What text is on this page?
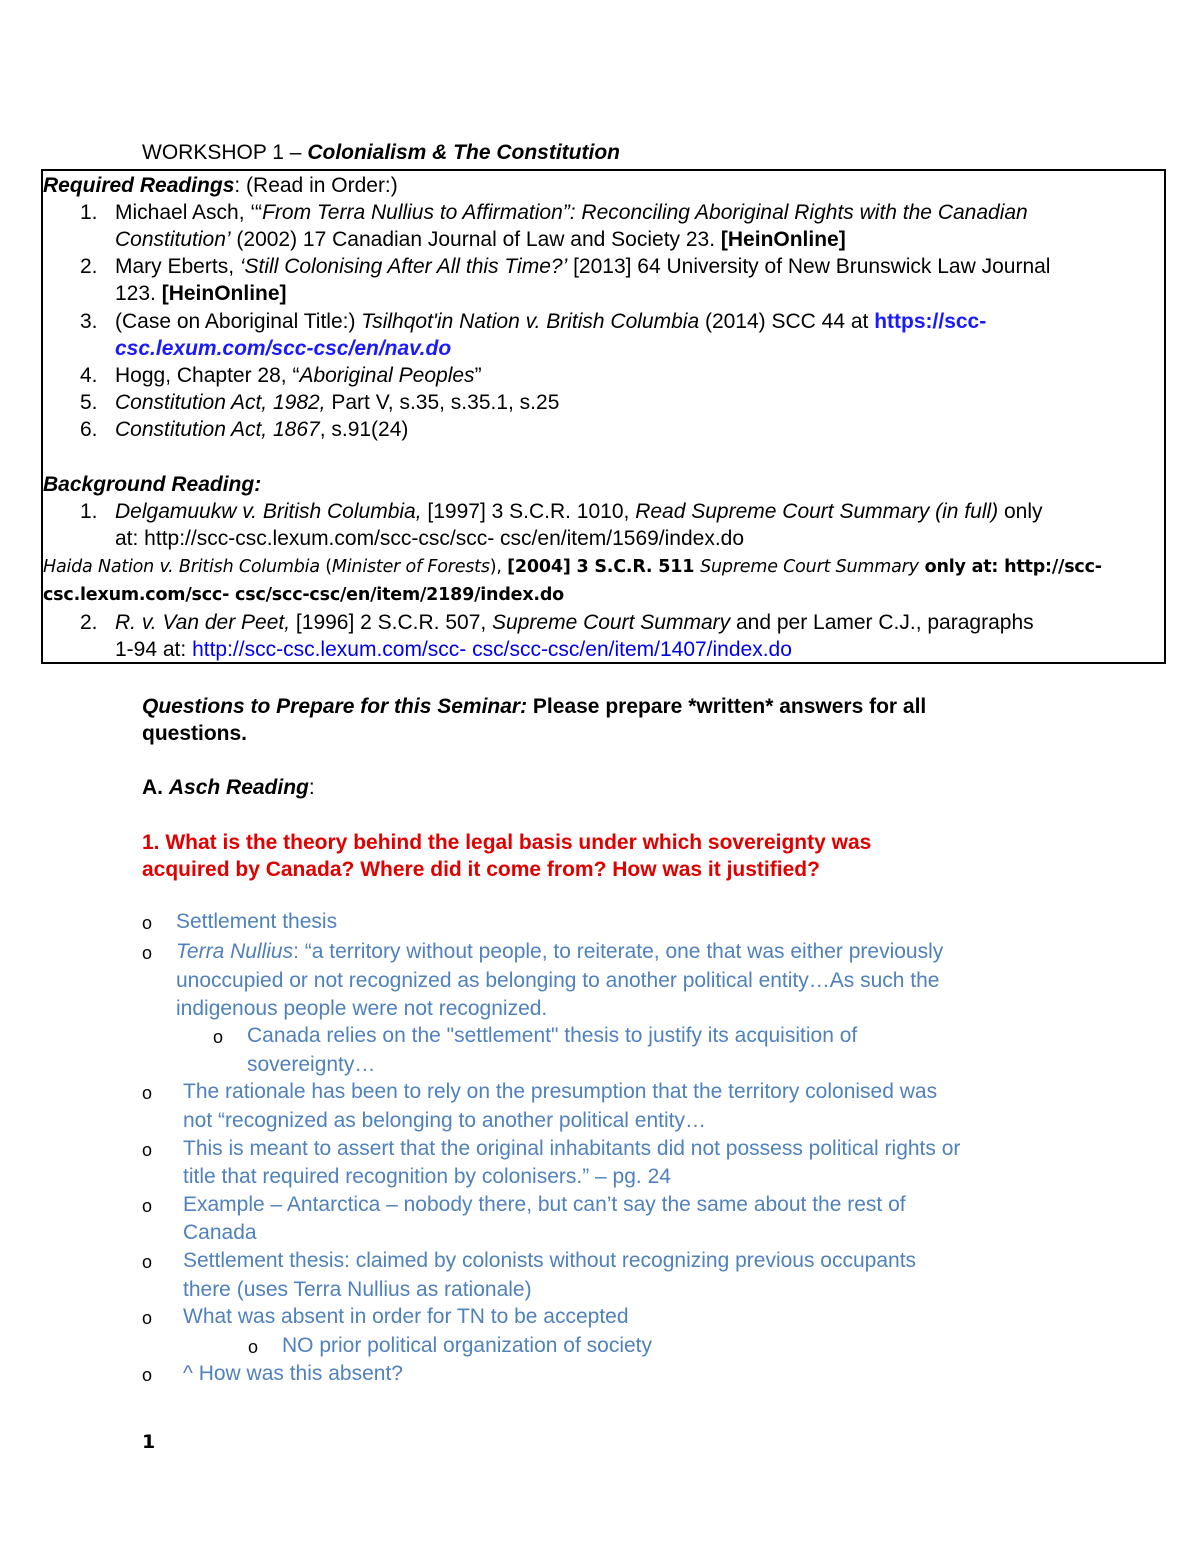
WORKSHOP 1 – Colonialism & The Constitution
Required Readings: (Read in Order:)
1. Michael Asch, ‘“From Terra Nullius to Affirmation”: Reconciling Aboriginal Rights with the Canadian
Constitution’ (2002) 17 Canadian Journal of Law and Society 23. [HeinOnline]
2. Mary Eberts, ‘Still Colonising After All this Time?’ [2013] 64 University of New Brunswick Law Journal
123. [HeinOnline]
3. (Case on Aboriginal Title:) Tsilhqot'in Nation v. British Columbia (2014) SCC 44 at https://scc-
csc.lexum.com/scc-csc/en/nav.do
4. Hogg, Chapter 28, “Aboriginal Peoples”
5. Constitution Act, 1982, Part V, s.35, s.35.1, s.25
6. Constitution Act, 1867, s.91(24)
Background Reading:
1. Delgamuukw v. British Columbia, [1997] 3 S.C.R. 1010, Read Supreme Court Summary (in full) only
at: http://scc-csc.lexum.com/scc-csc/scc- csc/en/item/1569/index.do
Haida Nation v. British Columbia (Minister of Forests), [2004] 3 S.C.R. 511 Supreme Court Summary only at: http://scc-
csc.lexum.com/scc- csc/scc-csc/en/item/2189/index.do
2. R. v. Van der Peet, [1996] 2 S.C.R. 507, Supreme Court Summary and per Lamer C.J., paragraphs
1-94 at: http://scc-csc.lexum.com/scc- csc/scc-csc/en/item/1407/index.do
Questions to Prepare for this Seminar: Please prepare *written* answers for all
questions.
A. Asch Reading:
1. What is the theory behind the legal basis under which sovereignty was
acquired by Canada? Where did it come from? How was it justified?
o Settlement thesis
o Terra Nullius: “a territory without people, to reiterate, one that was either previously
unoccupied or not recognized as belonging to another political entity…As such the
indigenous people were not recognized.
o Canada relies on the "settlement" thesis to justify its acquisition of
sovereignty…
o The rationale has been to rely on the presumption that the territory colonised was
not “recognized as belonging to another political entity…
o This is meant to assert that the original inhabitants did not possess political rights or
title that required recognition by colonisers.” – pg. 24
o Example – Antarctica – nobody there, but can’t say the same about the rest of
Canada
o Settlement thesis: claimed by colonists without recognizing previous occupants
there (uses Terra Nullius as rationale)
o What was absent in order for TN to be accepted
o NO prior political organization of society
o ^ How was this absent?
1
